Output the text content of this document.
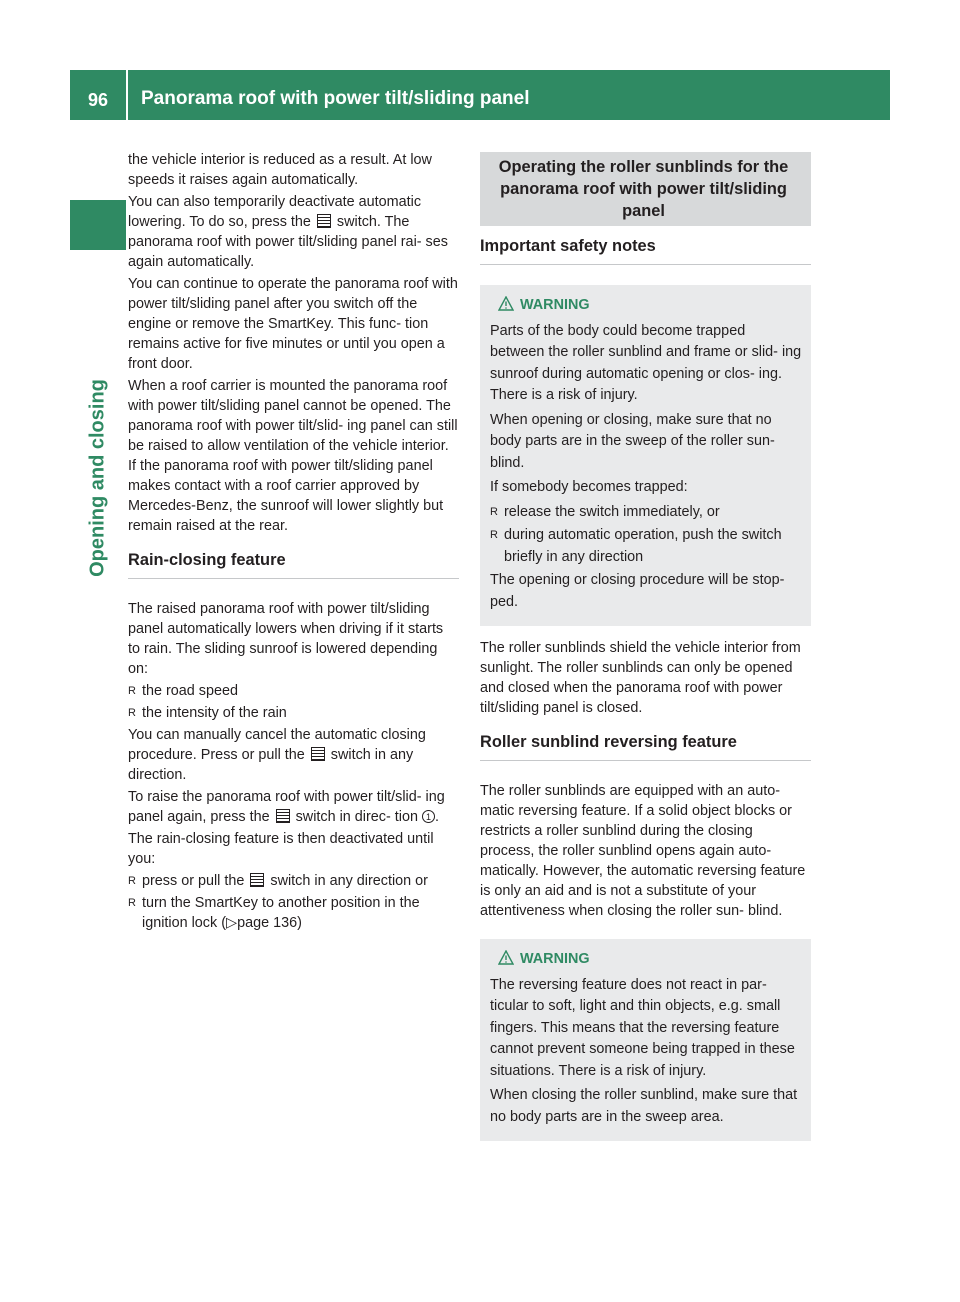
96	Panorama roof with power tilt/sliding panel
Opening and closing

the vehicle interior is reduced as a result. At low speeds it raises again automatically.

You can also temporarily deactivate automatic lowering. To do so, press the switch. The panorama roof with power tilt/sliding panel rai- ses again automatically.

You can continue to operate the panorama roof with power tilt/sliding panel after you switch off the engine or remove the SmartKey. This func- tion remains active for five minutes or until you open a front door.

When a roof carrier is mounted the panorama roof with power tilt/sliding panel cannot be opened. The panorama roof with power tilt/slid- ing panel can still be raised to allow ventilation of the vehicle interior. If the panorama roof with power tilt/sliding panel makes contact with a roof carrier approved by Mercedes-Benz, the sunroof will lower slightly but remain raised at the rear.

Rain-closing feature

The raised panorama roof with power tilt/sliding panel automatically lowers when driving if it starts to rain. The sliding sunroof is lowered depending on:

R the road speed
R the intensity of the rain

You can manually cancel the automatic closing procedure. Press or pull the switch in any direction.

To raise the panorama roof with power tilt/slid- ing panel again, press the switch in direc- tion 1 .

The rain-closing feature is then deactivated until you:

R press or pull the switch in any direction or
R turn the SmartKey to another position in the ignition lock (▷page 136)
Operating the roller sunblinds for the panorama roof with power tilt/sliding panel
Important safety notes
WARNING

Parts of the body could become trapped between the roller sunblind and frame or slid- ing sunroof during automatic opening or clos- ing. There is a risk of injury.

When opening or closing, make sure that no body parts are in the sweep of the roller sun- blind.

If somebody becomes trapped:

R release the switch immediately, or
R during automatic operation, push the switch briefly in any direction

The opening or closing procedure will be stop- ped.

The roller sunblinds shield the vehicle interior from sunlight. The roller sunblinds can only be opened and closed when the panorama roof with power tilt/sliding panel is closed.

Roller sunblind reversing feature

The roller sunblinds are equipped with an auto- matic reversing feature. If a solid object blocks or restricts a roller sunblind during the closing process, the roller sunblind opens again auto- matically. However, the automatic reversing feature is only an aid and is not a substitute of your attentiveness when closing the roller sun- blind.

WARNING

The reversing feature does not react in par- ticular to soft, light and thin objects, e.g. small fingers. This means that the reversing feature cannot prevent someone being trapped in these situations. There is a risk of injury.

When closing the roller sunblind, make sure that no body parts are in the sweep area.
